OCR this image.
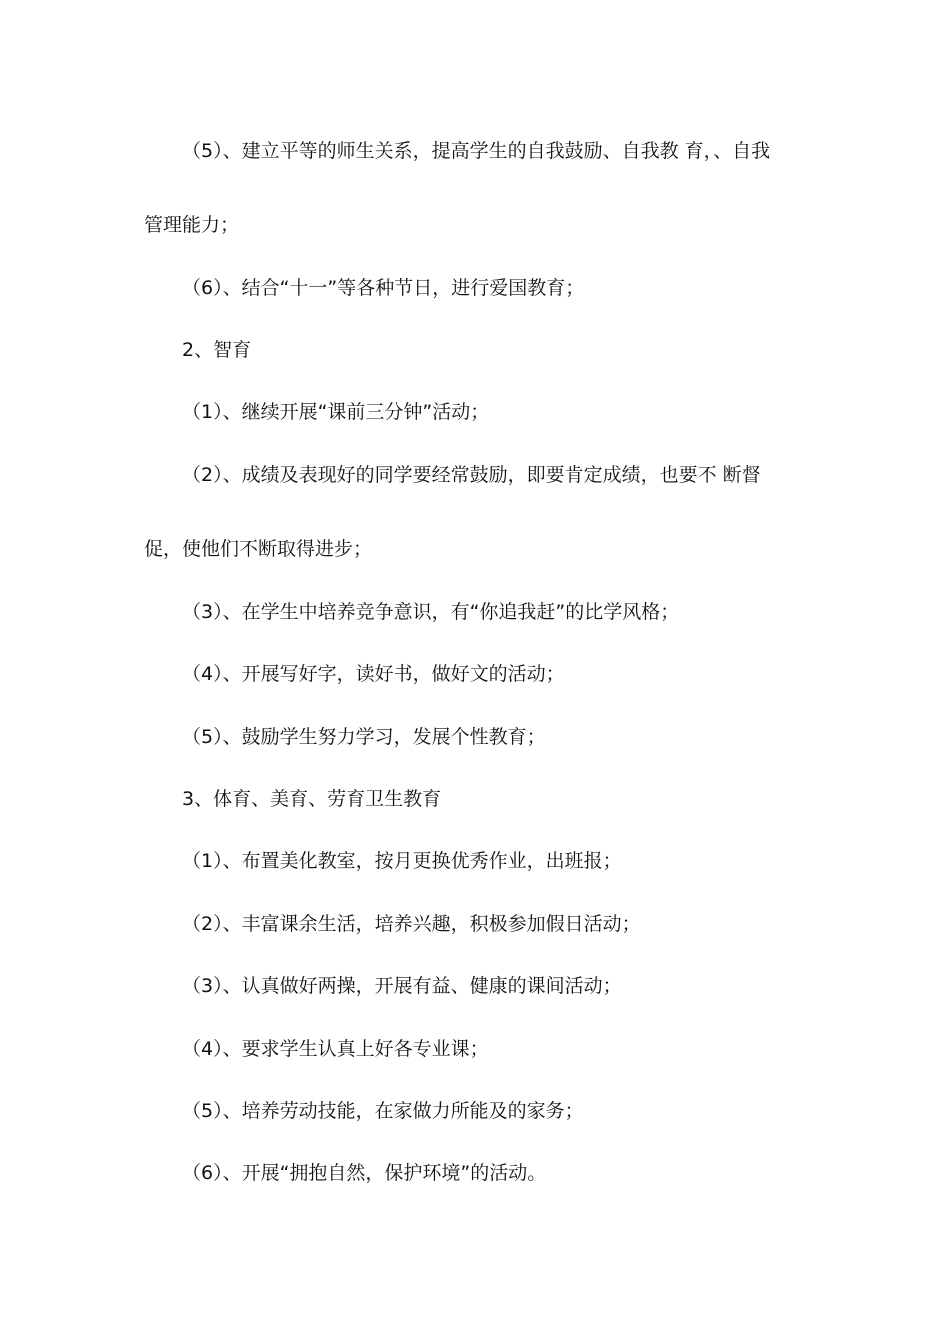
（5）、建立平等的师生关系，提高学生的自我鼓励、自我教 育，、自我

管理能力；

（6）、结合“十一”等各种节日，进行爱国教育；

2、智育

（1）、继续开展“课前三分钟”活动；

（2）、成绩及表现好的同学要经常鼓励，即要肯定成绩，也要不 断督

促，使他们不断取得进步；

（3）、在学生中培养竞争意识，有“你追我赶”的比学风格；

（4）、开展写好字，读好书，做好文的活动；

（5）、鼓励学生努力学习，发展个性教育；

3、体育、美育、劳育卫生教育

（1）、布置美化教室，按月更换优秀作业，出班报；

（2）、丰富课余生活，培养兴趣，积极参加假日活动；

（3）、认真做好两操，开展有益、健康的课间活动；

（4）、要求学生认真上好各专业课；

（5）、培养劳动技能，在家做力所能及的家务；

（6）、开展“拥抱自然，保护环境”的活动。
